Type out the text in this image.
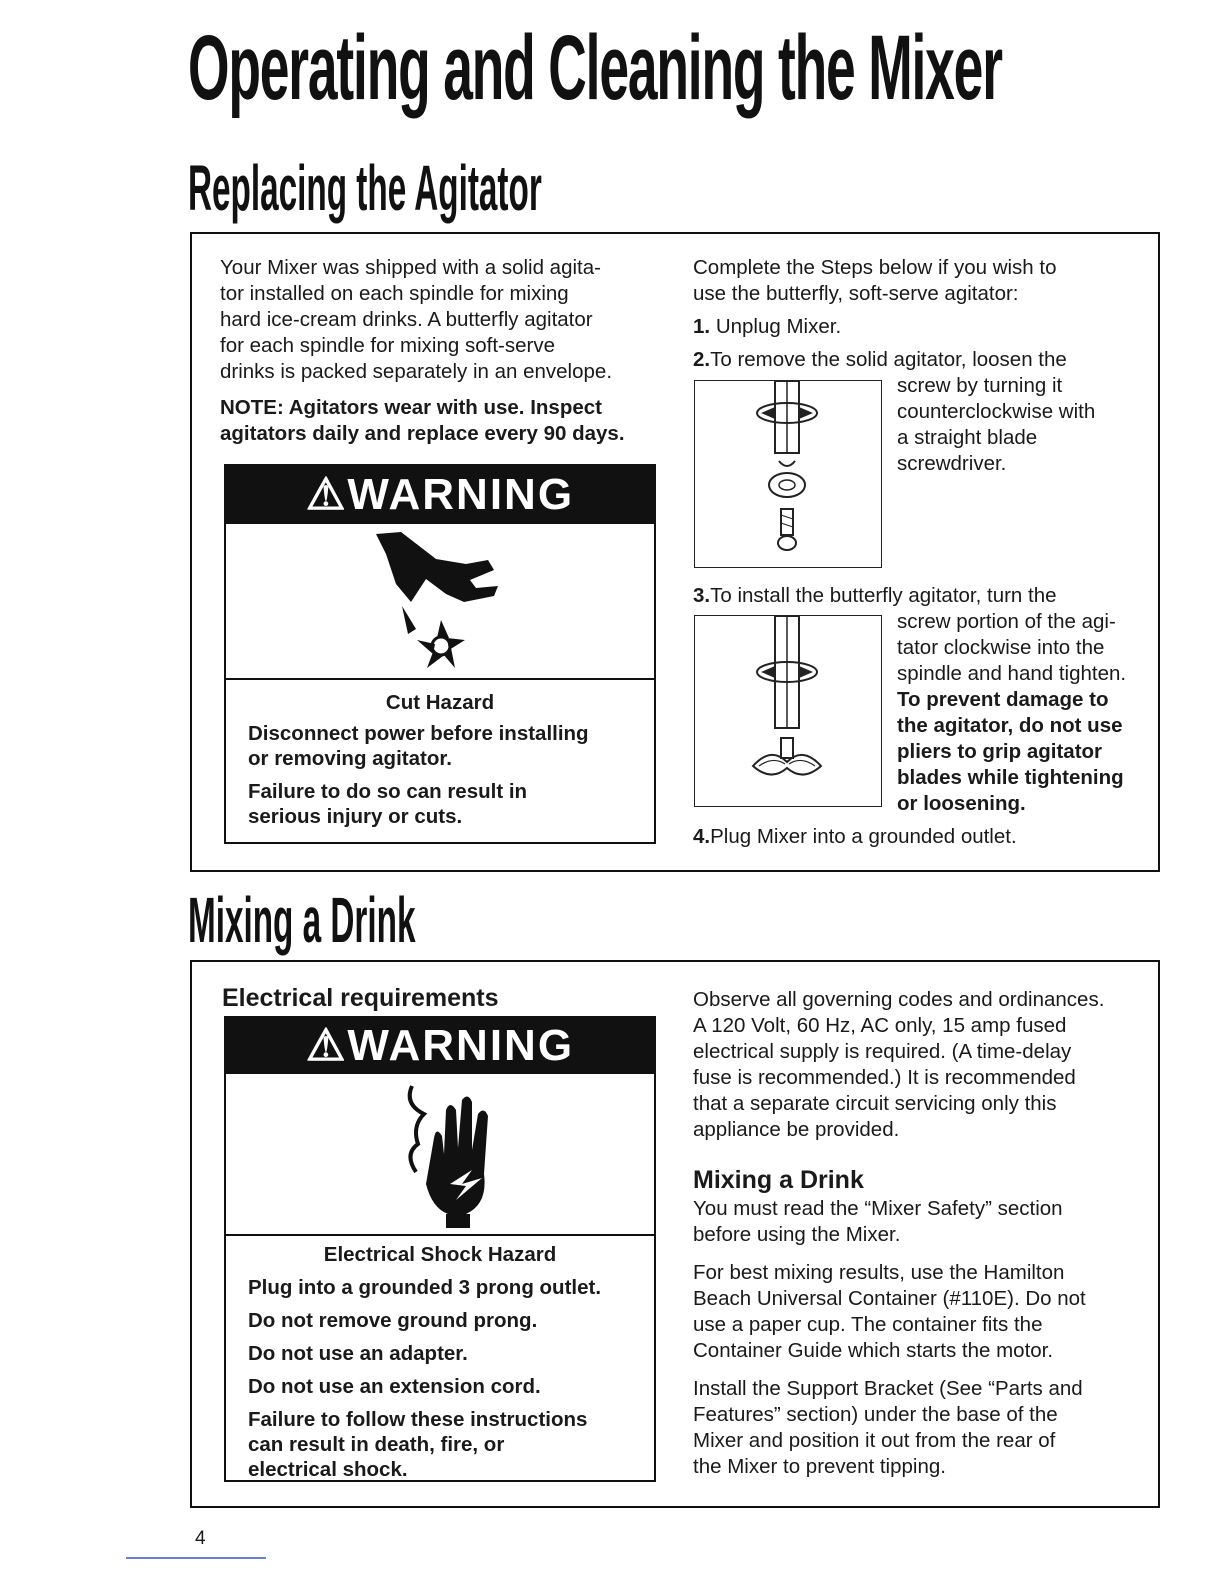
Operating and Cleaning the Mixer
Replacing the Agitator

Your Mixer was shipped with a solid agita-

tor installed on each spindle for mixing

hard ice-cream drinks. A butterfly agitator

for each spindle for mixing soft-serve

drinks is packed separately in an envelope.

NOTE: Agitators wear with use. Inspect

agitators daily and replace every 90 days.

⚠WARNING

Cut Hazard

Disconnect power before installing

or removing agitator.

Failure to do so can result in

serious injury or cuts.

Complete the Steps below if you wish to

use the butterfly, soft-serve agitator:

1. Unplug Mixer.
2.To remove the solid agitator, loosen the

screw by turning it

counterclockwise with

a straight blade

screwdriver.

3.To install the butterfly agitator, turn the

screw portion of the agi-

tator clockwise into the

spindle and hand tighten.

To prevent damage to

the agitator, do not use

pliers to grip agitator

blades while tightening

or loosening.

4.Plug Mixer into a grounded outlet.
Mixing a Drink
Electrical requirements
⚠WARNING

Electrical Shock Hazard

Plug into a grounded 3 prong outlet.

Do not remove ground prong.

Do not use an adapter.

Do not use an extension cord.

Failure to follow these instructions

can result in death, fire, or

electrical shock.

Observe all governing codes and ordinances.

A 120 Volt, 60 Hz, AC only, 15 amp fused

electrical supply is required. (A time-delay

fuse is recommended.) It is recommended

that a separate circuit servicing only this

appliance be provided.

Mixing a Drink

You must read the “Mixer Safety” section

before using the Mixer.

For best mixing results, use the Hamilton

Beach Universal Container (#110E). Do not

use a paper cup. The container fits the

Container Guide which starts the motor.

Install the Support Bracket (See “Parts and

Features” section) under the base of the

Mixer and position it out from the rear of

the Mixer to prevent tipping.

4
